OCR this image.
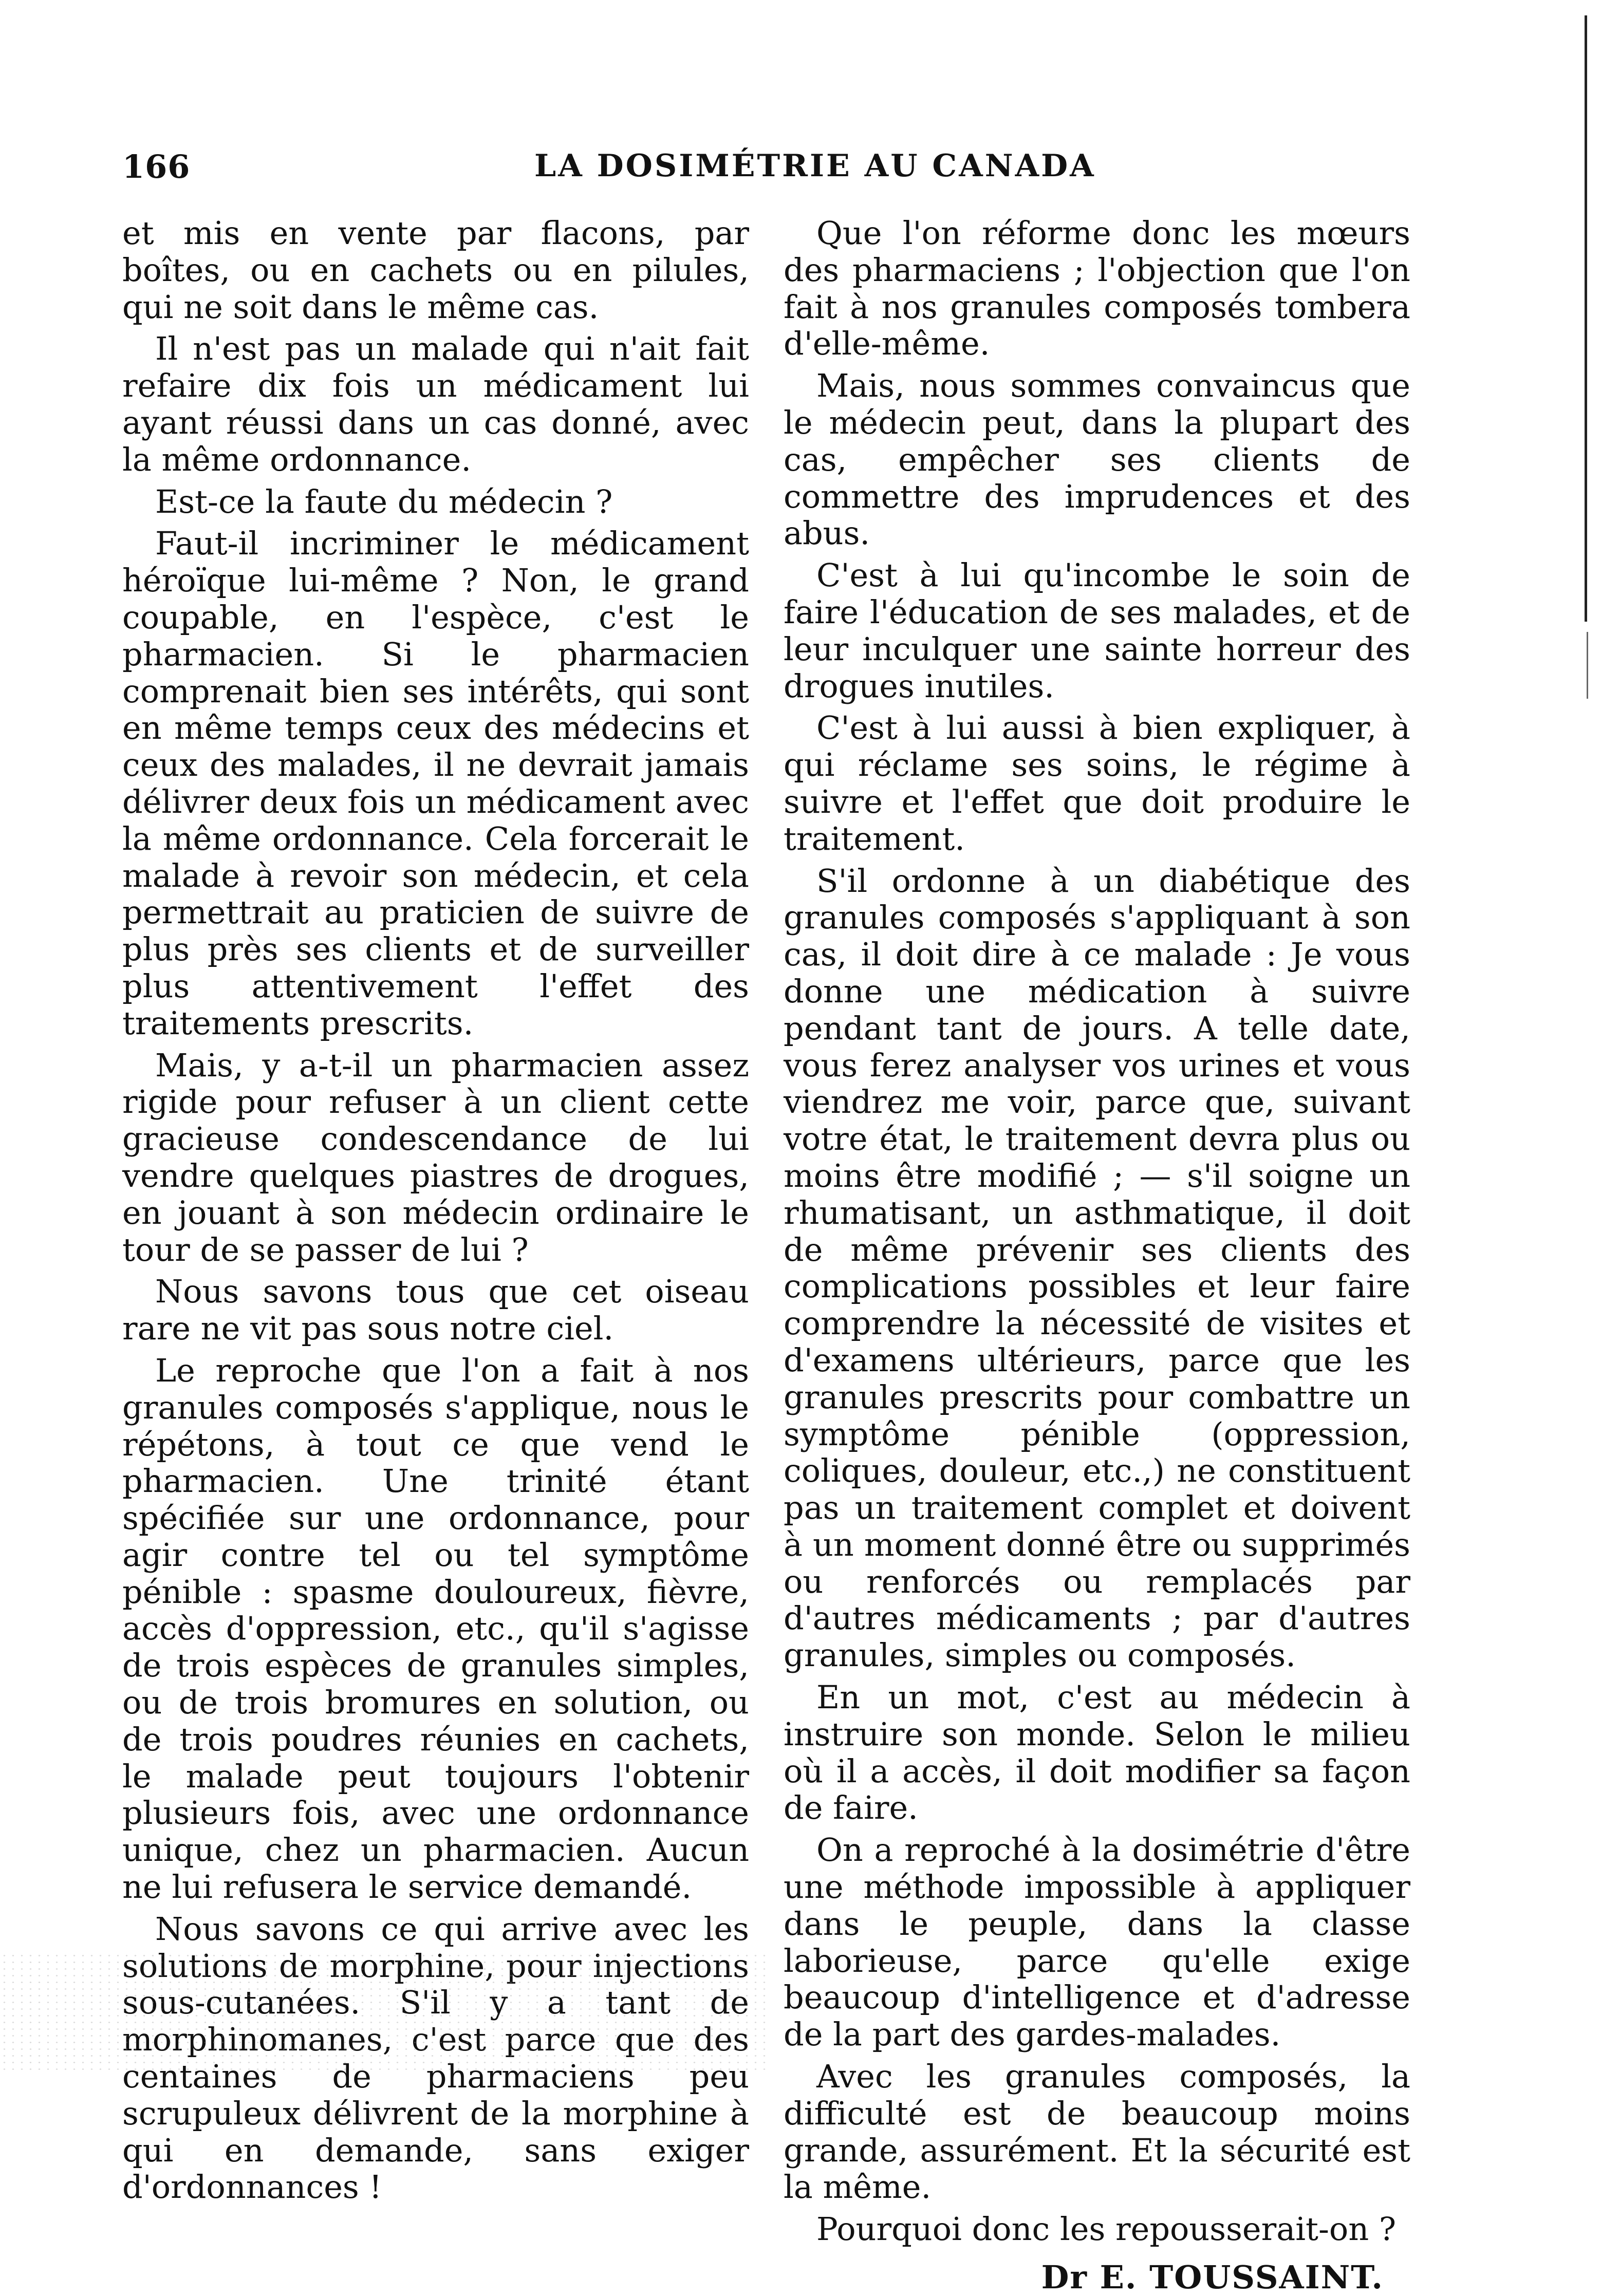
166	LA DOSIMÉTRIE AU CANADA

et mis en vente par flacons, par boîtes, ou en cachets ou en pilules, qui ne soit dans le même cas.

Il n'est pas un malade qui n'ait fait refaire dix fois un médicament lui ayant réussi dans un cas donné, avec la même ordonnance.

Est-ce la faute du médecin ?

Faut-il incriminer le médicament héroïque lui-même ? Non, le grand coupable, en l'espèce, c'est le pharmacien. Si le pharmacien comprenait bien ses intérêts, qui sont en même temps ceux des médecins et ceux des malades, il ne devrait jamais délivrer deux fois un médicament avec la même ordonnance. Cela forcerait le malade à revoir son médecin, et cela permettrait au praticien de suivre de plus près ses clients et de surveiller plus attentivement l'effet des traitements prescrits.

Mais, y a-t-il un pharmacien assez rigide pour refuser à un client cette gracieuse condescendance de lui vendre quelques piastres de drogues, en jouant à son médecin ordinaire le tour de se passer de lui ?

Nous savons tous que cet oiseau rare ne vit pas sous notre ciel.

Le reproche que l'on a fait à nos granules composés s'applique, nous le répétons, à tout ce que vend le pharmacien. Une trinité étant spécifiée sur une ordonnance, pour agir contre tel ou tel symptôme pénible : spasme douloureux, fièvre, accès d'oppression, etc., qu'il s'agisse de trois espèces de granules simples, ou de trois bromures en solution, ou de trois poudres réunies en cachets, le malade peut toujours l'obtenir plusieurs fois, avec une ordonnance unique, chez un pharmacien. Aucun ne lui refusera le service demandé.

Nous savons ce qui arrive avec les solutions de morphine, pour injections sous-cutanées. S'il y a tant de morphinomanes, c'est parce que des centaines de pharmaciens peu scrupuleux délivrent de la morphine à qui en demande, sans exiger d'ordonnances !

Que l'on réforme donc les mœurs des pharmaciens ; l'objection que l'on fait à nos granules composés tombera d'elle-même.

Mais, nous sommes convaincus que le médecin peut, dans la plupart des cas, empêcher ses clients de commettre des imprudences et des abus.

C'est à lui qu'incombe le soin de faire l'éducation de ses malades, et de leur inculquer une sainte horreur des drogues inutiles.

C'est à lui aussi à bien expliquer, à qui réclame ses soins, le régime à suivre et l'effet que doit produire le traitement.

S'il ordonne à un diabétique des granules composés s'appliquant à son cas, il doit dire à ce malade : Je vous donne une médication à suivre pendant tant de jours. A telle date, vous ferez analyser vos urines et vous viendrez me voir, parce que, suivant votre état, le traitement devra plus ou moins être modifié ; — s'il soigne un rhumatisant, un asthmatique, il doit de même prévenir ses clients des complications possibles et leur faire comprendre la nécessité de visites et d'examens ultérieurs, parce que les granules prescrits pour combattre un symptôme pénible (oppression, coliques, douleur, etc.,) ne constituent pas un traitement complet et doivent à un moment donné être ou supprimés ou renforcés ou remplacés par d'autres médicaments ; par d'autres granules, simples ou composés.

En un mot, c'est au médecin à instruire son monde. Selon le milieu où il a accès, il doit modifier sa façon de faire.

On a reproché à la dosimétrie d'être une méthode impossible à appliquer dans le peuple, dans la classe laborieuse, parce qu'elle exige beaucoup d'intelligence et d'adresse de la part des gardes-malades.

Avec les granules composés, la difficulté est de beaucoup moins grande, assurément. Et la sécurité est la même.

Pourquoi donc les repousserait-on ?

Dr E. TOUSSAINT.
